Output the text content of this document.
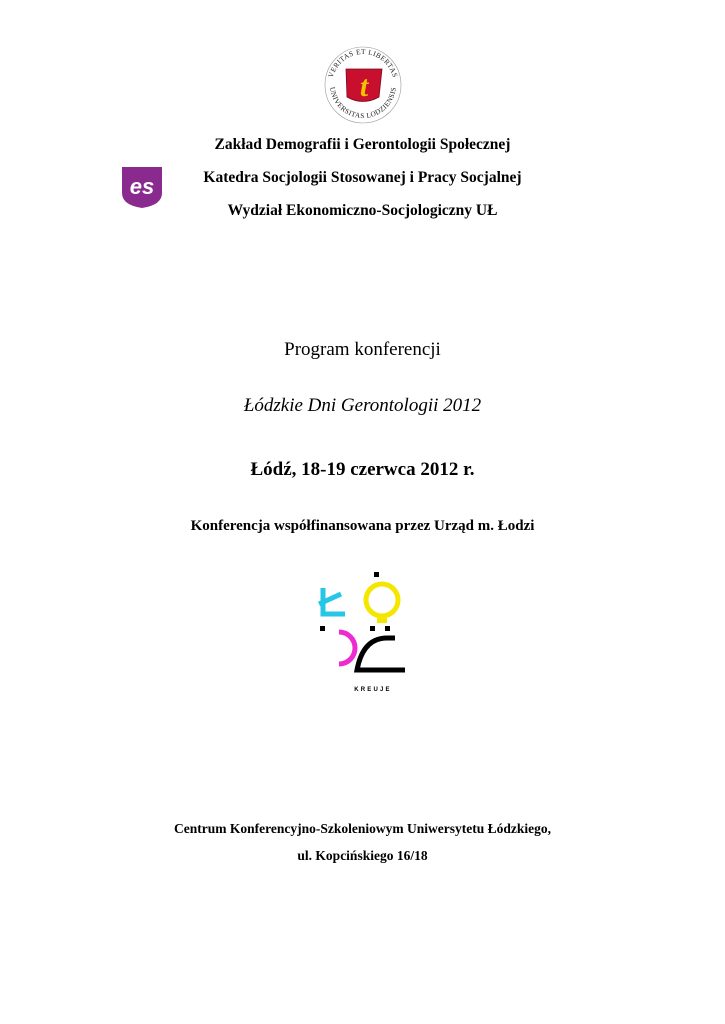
VERITAS ET LIBERTAS
UNIVERSITAS LODZIENSIS
t
es
Zakład Demografii i Gerontologii Społecznej
Katedra Socjologii Stosowanej i Pracy Socjalnej
Wydział Ekonomiczno-Socjologiczny UŁ
Program konferencji
Łódzkie Dni Gerontologii 2012
Łódź, 18-19 czerwca 2012 r.
Konferencja współfinansowana przez Urząd m. Łodzi
KREUJE
Centrum Konferencyjno-Szkoleniowym Uniwersytetu Łódzkiego,
ul. Kopcińskiego 16/18
